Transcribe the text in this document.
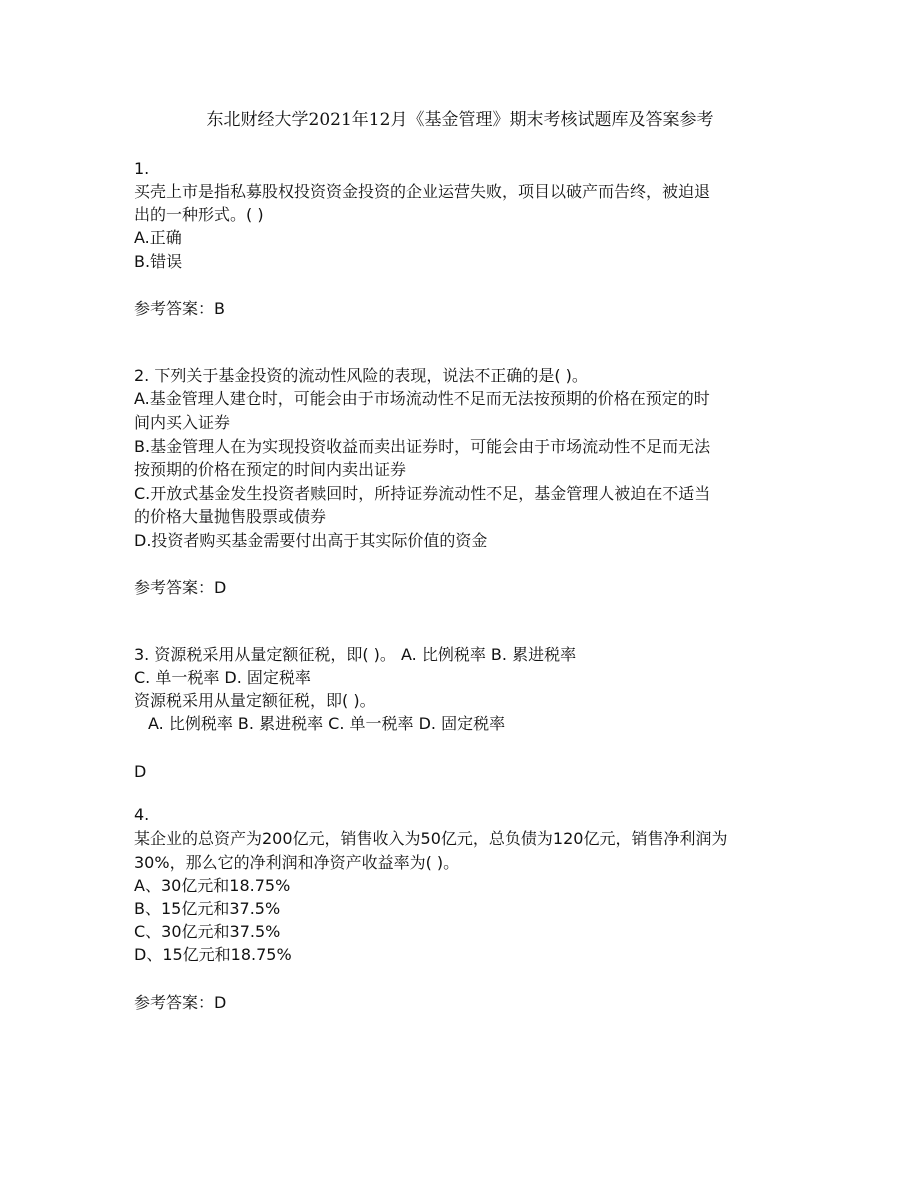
东北财经大学2021年12月《基金管理》期末考核试题库及答案参考
1.
买壳上市是指私募股权投资资金投资的企业运营失败，项目以破产而告终，被迫退
出的一种形式。( )
A.正确
B.错误
参考答案：B
2. 下列关于基金投资的流动性风险的表现，说法不正确的是( )。
A.基金管理人建仓时，可能会由于市场流动性不足而无法按预期的价格在预定的时
间内买入证券
B.基金管理人在为实现投资收益而卖出证券时，可能会由于市场流动性不足而无法
按预期的价格在预定的时间内卖出证券
C.开放式基金发生投资者赎回时，所持证券流动性不足，基金管理人被迫在不适当
的价格大量抛售股票或债券
D.投资者购买基金需要付出高于其实际价值的资金
参考答案：D
3. 资源税采用从量定额征税，即( )。 A. 比例税率 B. 累进税率
C. 单一税率 D. 固定税率
资源税采用从量定额征税，即( )。
A. 比例税率 B. 累进税率 C. 单一税率 D. 固定税率
D
4.
某企业的总资产为200亿元，销售收入为50亿元，总负债为120亿元，销售净利润为
30%，那么它的净利润和净资产收益率为( )。
A、30亿元和18.75%
B、15亿元和37.5%
C、30亿元和37.5%
D、15亿元和18.75%
参考答案：D
